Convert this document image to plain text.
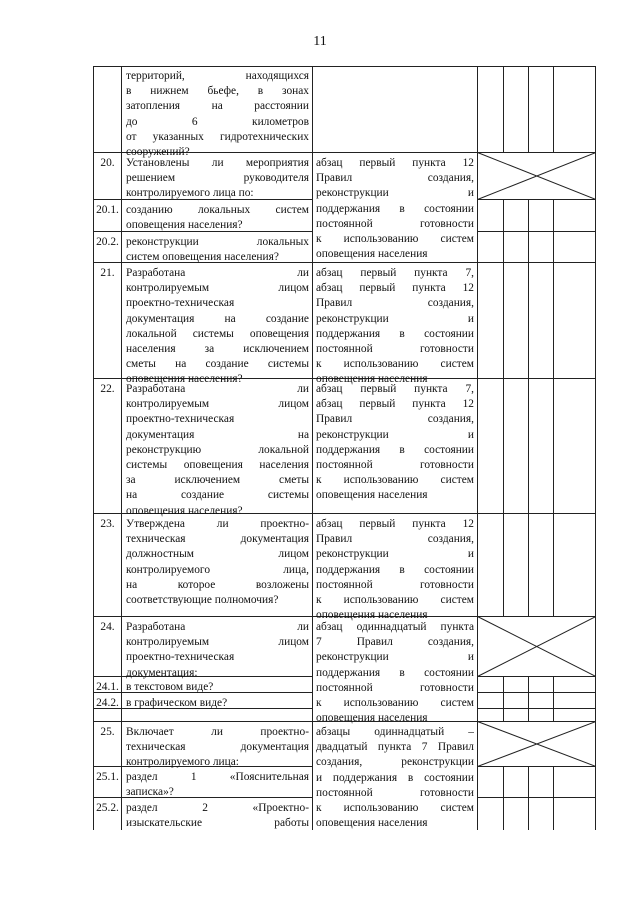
11
территорий, находящихся
в нижнем бьефе, в зонах
затопления на расстоянии
до 6 километров
от указанных гидротехнических
сооружений?
20. Установлены ли мероприятия
решением руководителя
контролируемого лица по:
20.1. созданию локальных систем
оповещения населения?
20.2. реконструкции локальных
систем оповещения населения?
абзац первый пункта 12
Правил создания,
реконструкции и
поддержания в состоянии
постоянной готовности
к использованию систем
оповещения населения
21. Разработана ли
контролируемым лицом
проектно-техническая
документация на создание
локальной системы оповещения
населения за исключением
сметы на создание системы
оповещения населения?
абзац первый пункта 7,
абзац первый пункта 12
Правил создания,
реконструкции и
поддержания в состоянии
постоянной готовности
к использованию систем
оповещения населения
22. Разработана ли
контролируемым лицом
проектно-техническая
документация на
реконструкцию локальной
системы оповещения населения
за исключением сметы
на создание системы
оповещения населения?
абзац первый пункта 7,
абзац первый пункта 12
Правил создания,
реконструкции и
поддержания в состоянии
постоянной готовности
к использованию систем
оповещения населения
23. Утверждена ли проектно-
техническая документация
должностным лицом
контролируемого лица,
на которое возложены
соответствующие полномочия?
абзац первый пункта 12
Правил создания,
реконструкции и
поддержания в состоянии
постоянной готовности
к использованию систем
оповещения населения
24. Разработана ли
контролируемым лицом
проектно-техническая
документация:
24.1. в текстовом виде?
24.2. в графическом виде?
абзац одиннадцатый пункта
7 Правил создания,
реконструкции и
поддержания в состоянии
постоянной готовности
к использованию систем
оповещения населения
25. Включает ли проектно-
техническая документация
контролируемого лица:
25.1. раздел 1 «Пояснительная
записка»?
25.2. раздел 2 «Проектно-
изыскательские работы
абзацы одиннадцатый –
двадцатый пункта 7 Правил
создания, реконструкции
и поддержания в состоянии
постоянной готовности
к использованию систем
оповещения населения
